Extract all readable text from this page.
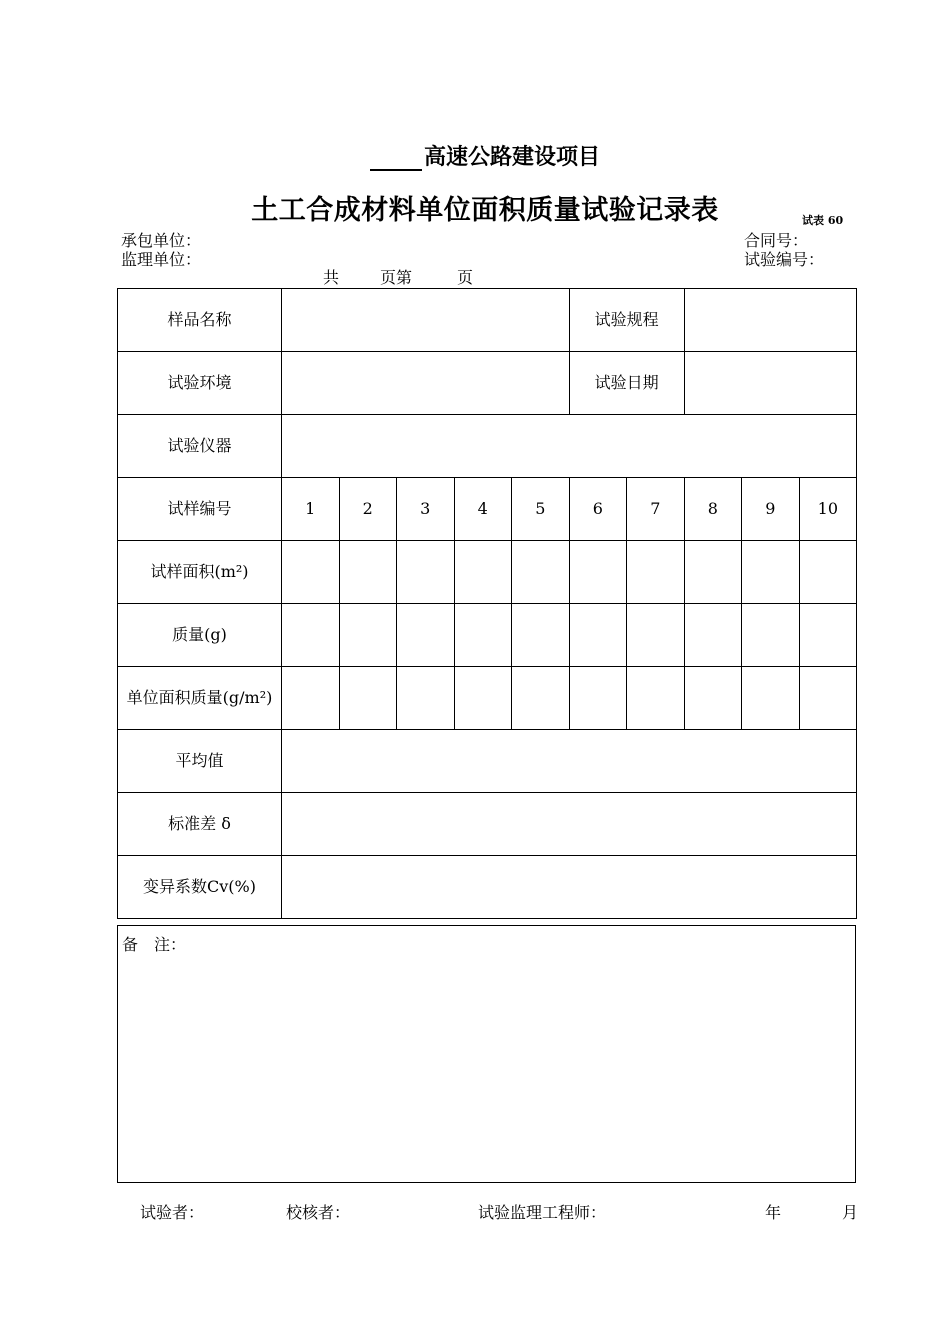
高速公路建设项目
土工合成材料单位面积质量试验记录表	试表 60
承包单位：
监理单位：
合同号：
试验编号：
共	页第	页
样品名称						试验规程				
试验环境						试验日期				
试验仪器										
试样编号	1	2	3	4	5	6	7	8	9	10
试样面积(m²)										
质量(g)										
单位面积质量(g/m²)										
平均值										
标准差 δ										
变异系数Cv(%)										
备　注：
试验者：	校核者：	试验监理工程师：	年	月
